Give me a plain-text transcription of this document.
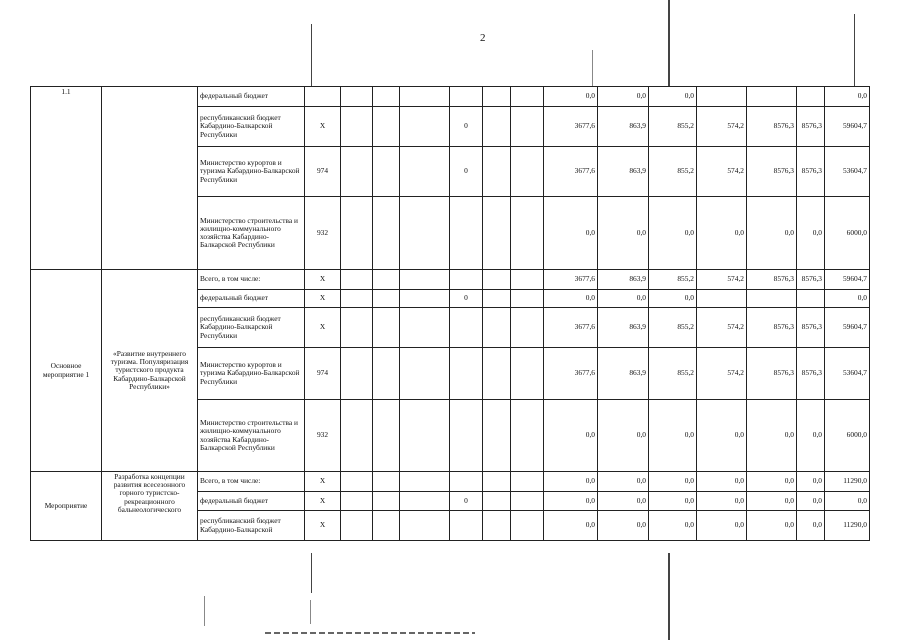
2
1.1		федеральный бюджет								0,0	0,0	0,0				0,0
		республиканский бюджет Кабардино-Балкарской Республики	X				0			3677,6	863,9	855,2	574,2	8576,3	8576,3	59604,7
		Министерство курортов и туризма Кабардино-Балкарской Республики	974				0			3677,6	863,9	855,2	574,2	8576,3	8576,3	53604,7
		Министерство строительства и жилищно-коммунального хозяйства Кабардино-Балкарской Республики	932							0,0	0,0	0,0	0,0	0,0	0,0	6000,0
Основное мероприятие 1	«Развитие внутреннего туризма. Популяризация туристского продукта Кабардино-Балкарской Республики»	Всего, в том числе:	X							3677,6	863,9	855,2	574,2	8576,3	8576,3	59604,7
		федеральный бюджет	X				0			0,0	0,0	0,0				0,0
		республиканский бюджет Кабардино-Балкарской Республики	X							3677,6	863,9	855,2	574,2	8576,3	8576,3	59604,7
		Министерство курортов и туризма Кабардино-Балкарской Республики	974							3677,6	863,9	855,2	574,2	8576,3	8576,3	53604,7
		Министерство строительства и жилищно-коммунального хозяйства Кабардино-Балкарской Республики	932							0,0	0,0	0,0	0,0	0,0	0,0	6000,0
Мероприятие	Разработка концепции развития всесезонного горного туристско-рекреационного бальнеологического	Всего, в том числе:	X							0,0	0,0	0,0	0,0	0,0	0,0	11290,0
		федеральный бюджет	X				0			0,0	0,0	0,0	0,0	0,0	0,0	0,0
		республиканский бюджет Кабардино-Балкарской	X							0,0	0,0	0,0	0,0	0,0	0,0	11290,0
